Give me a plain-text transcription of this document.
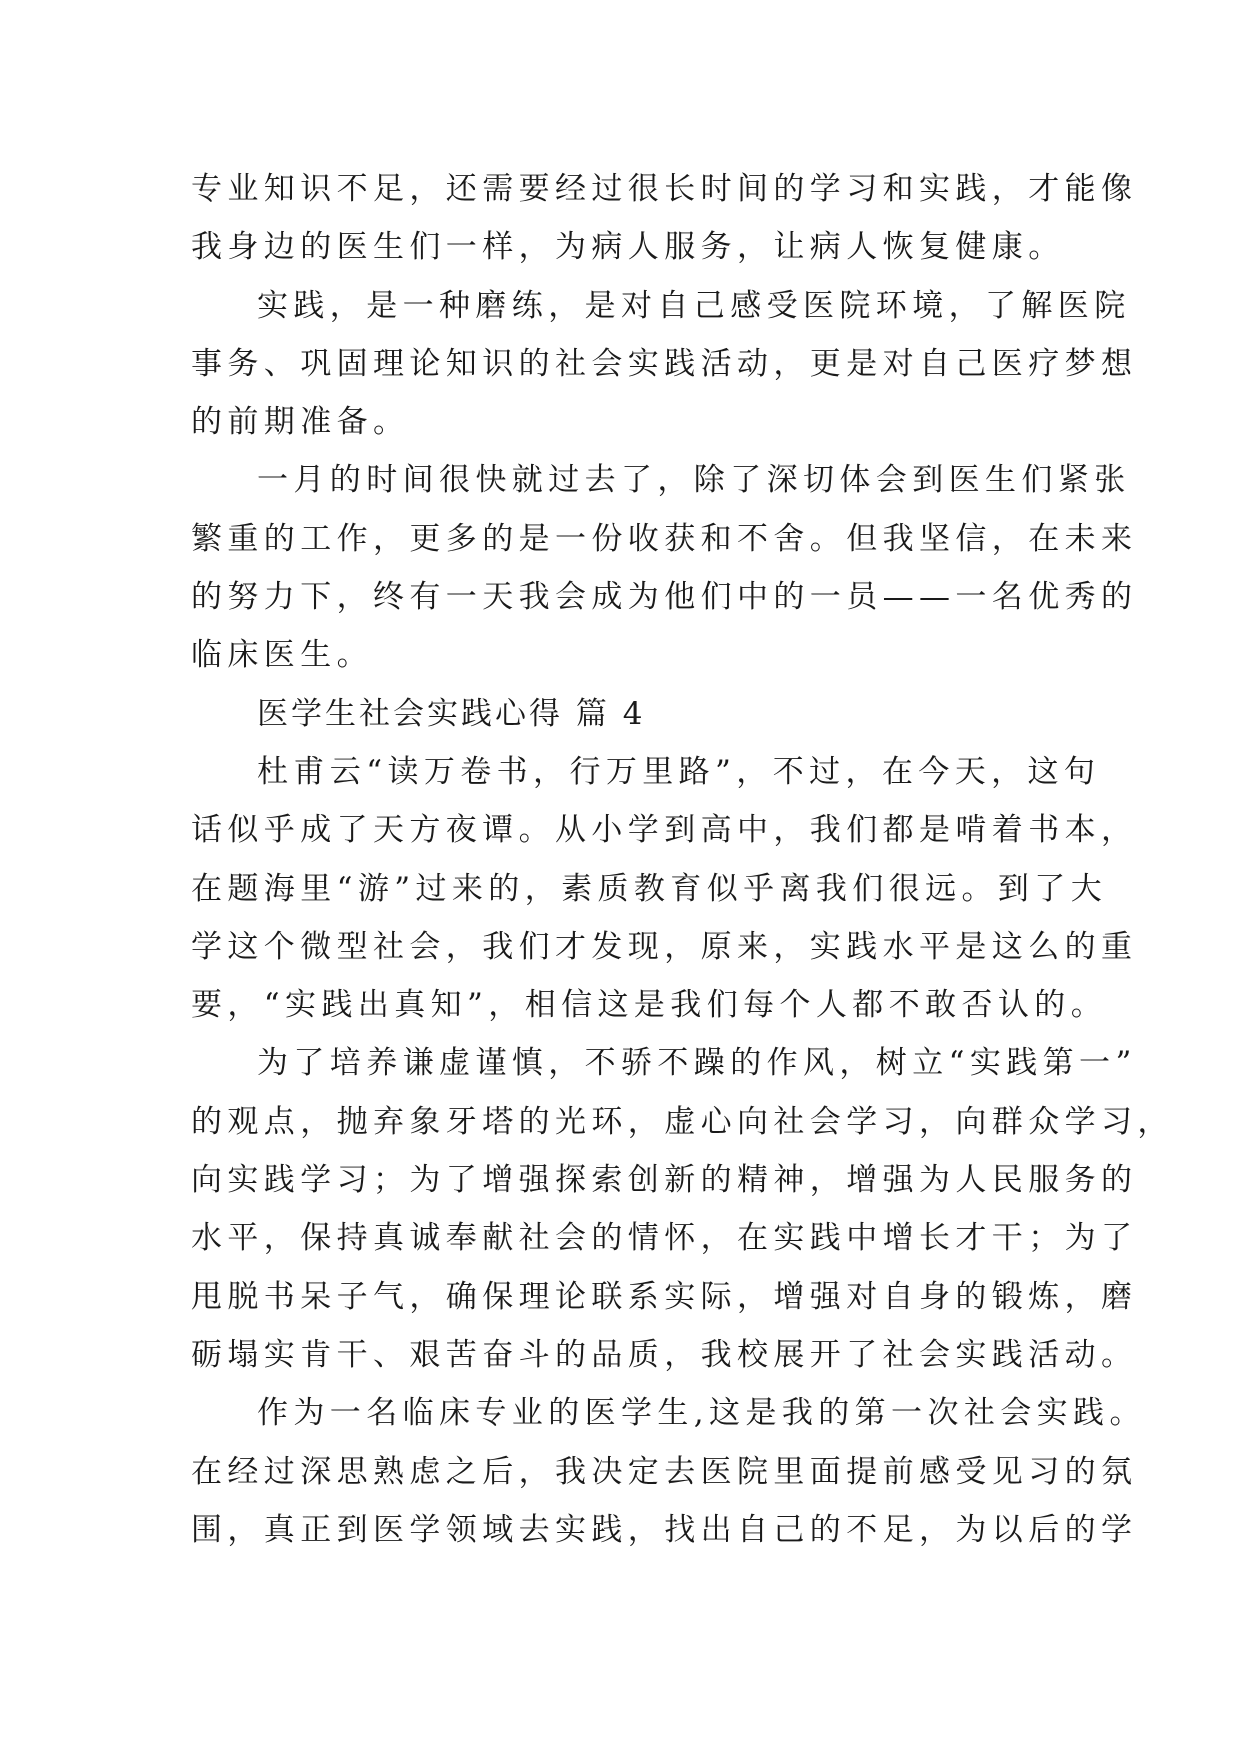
专业知识不足，还需要经过很长时间的学习和实践，才能像
我身边的医生们一样，为病人服务，让病人恢复健康。
实践，是一种磨练，是对自己感受医院环境，了解医院
事务、巩固理论知识的社会实践活动，更是对自己医疗梦想
的前期准备。
一月的时间很快就过去了，除了深切体会到医生们紧张
繁重的工作，更多的是一份收获和不舍。但我坚信，在未来
的努力下，终有一天我会成为他们中的一员——一名优秀的
临床医生。
医学生社会实践心得 篇 4
杜甫云“读万卷书，行万里路”，不过，在今天，这句
话似乎成了天方夜谭。从小学到高中，我们都是啃着书本，
在题海里“游”过来的，素质教育似乎离我们很远。到了大
学这个微型社会，我们才发现，原来，实践水平是这么的重
要，“实践出真知”，相信这是我们每个人都不敢否认的。
为了培养谦虚谨慎，不骄不躁的作风，树立“实践第一”
的观点，抛弃象牙塔的光环，虚心向社会学习，向群众学习，
向实践学习；为了增强探索创新的精神，增强为人民服务的
水平，保持真诚奉献社会的情怀，在实践中增长才干；为了
甩脱书呆子气，确保理论联系实际，增强对自身的锻炼，磨
砺塌实肯干、艰苦奋斗的品质，我校展开了社会实践活动。
作为一名临床专业的医学生,这是我的第一次社会实践。
在经过深思熟虑之后，我决定去医院里面提前感受见习的氛
围，真正到医学领域去实践，找出自己的不足，为以后的学
